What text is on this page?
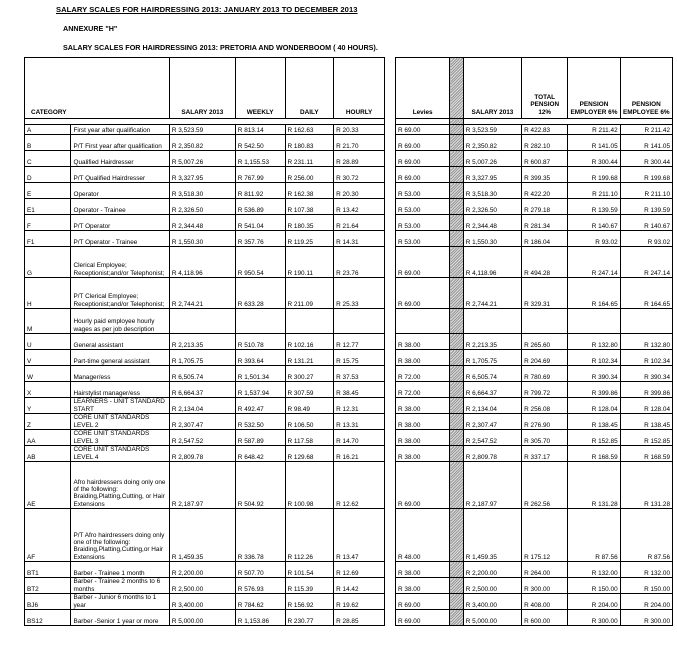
SALARY SCALES FOR HAIRDRESSING 2013: JANUARY 2013 TO DECEMBER 2013
ANNEXURE "H"
SALARY SCALES FOR HAIRDRESSING 2013: PRETORIA AND WONDERBOOM ( 40 HOURS).
CATEGORY		SALARY 2013	WEEKLY	DAILY	HOURLY

A	First year after qualification	R 3,523.59	R 813.14	R 162.63	R 20.33
B	P/T First year after qualification	R 2,350.82	R 542.50	R 180.83	R 21.70
C	Qualified Hairdresser	R 5,007.26	R 1,155.53	R 231.11	R 28.89
D	P/T Qualified Hairdresser	R 3,327.95	R 767.99	R 256.00	R 30.72
E	Operator	R 3,518.30	R 811.92	R 162.38	R 20.30
E1	Operator - Trainee	R 2,326.50	R 536.89	R 107.38	R 13.42
F	P/T Operator	R 2,344.48	R 541.04	R 180.35	R 21.64
F1	P/T Operator - Trainee	R 1,550.30	R 357.76	R 119.25	R 14.31
G	Clerical Employee; Receptionist;and/or Telephonist;	R 4,118.96	R 950.54	R 190.11	R 23.76
H	P/T Clerical Employee; Receptionist;and/or Telephonist;	R 2,744.21	R 633.28	R 211.09	R 25.33
M	Hourly paid employee hourly wages as per job description				
U	General assistant	R 2,213.35	R 510.78	R 102.16	R 12.77
V	Part-time general assistant	R 1,705.75	R 393.64	R 131.21	R 15.75
W	Manager/ess	R 6,505.74	R 1,501.34	R 300.27	R 37.53
X	Hairstylist manager/ess	R 6,664.37	R 1,537.94	R 307.59	R 38.45
Y	LEARNERS - UNIT STANDARD START	R 2,134.04	R 492.47	R 98.49	R 12.31
Z	CORE UNIT STANDARDS LEVEL 2	R 2,307.47	R 532.50	R 106.50	R 13.31
AA	CORE UNIT STANDARDS LEVEL 3	R 2,547.52	R 587.89	R 117.58	R 14.70
AB	CORE UNIT STANDARDS LEVEL 4	R 2,809.78	R 648.42	R 129.68	R 16.21
AE	Afro hairdressers doing only one of the following: Braiding,Platting,Cutting, or Hair Extensions	R 2,187.97	R 504.92	R 100.98	R 12.62
AF	P/T Afro hairdressers doing only one of the following: Braiding,Platting,Cutting,or Hair Extensions	R 1,459.35	R 336.78	R 112.26	R 13.47
BT1	Barber - Trainee 1 month	R 2,200.00	R 507.70	R 101.54	R 12.69
BT2	Barber - Trainee 2 months to 6 months	R 2,500.00	R 576.93	R 115.39	R 14.42
BJ6	Barber - Junior 6 months to 1 year	R 3,400.00	R 784.62	R 156.92	R 19.62
BS12	Barber -Senior 1 year or more	R 5,000.00	R 1,153.86	R 230.77	R 28.85
Levies		SALARY 2013	TOTAL PENSION 12%	PENSION EMPLOYER 6%	PENSION EMPLOYEE 6%

R 69.00		R 3,523.59	R 422.83	R 211.42	R 211.42
R 69.00		R 2,350.82	R 282.10	R 141.05	R 141.05
R 69.00		R 5,007.26	R 600.87	R 300.44	R 300.44
R 69.00		R 3,327.95	R 399.35	R 199.68	R 199.68
R 53.00		R 3,518.30	R 422.20	R 211.10	R 211.10
R 53.00		R 2,326.50	R 279.18	R 139.59	R 139.59
R 53.00		R 2,344.48	R 281.34	R 140.67	R 140.67
R 53.00		R 1,550.30	R 186.04	R 93.02	R 93.02
R 69.00		R 4,118.96	R 494.28	R 247.14	R 247.14
R 69.00		R 2,744.21	R 329.31	R 164.65	R 164.65

R 38.00		R 2,213.35	R 265.60	R 132.80	R 132.80
R 38.00		R 1,705.75	R 204.69	R 102.34	R 102.34
R 72.00		R 6,505.74	R 780.69	R 390.34	R 390.34
R 72.00		R 6,664.37	R 799.72	R 399.86	R 399.86
R 38.00		R 2,134.04	R 256.08	R 128.04	R 128.04
R 38.00		R 2,307.47	R 276.90	R 138.45	R 138.45
R 38.00		R 2,547.52	R 305.70	R 152.85	R 152.85
R 38.00		R 2,809.78	R 337.17	R 168.59	R 168.59
R 69.00		R 2,187.97	R 262.56	R 131.28	R 131.28
R 48.00		R 1,459.35	R 175.12	R 87.56	R 87.56
R 38.00		R 2,200.00	R 264.00	R 132.00	R 132.00
R 38.00		R 2,500.00	R 300.00	R 150.00	R 150.00
R 69.00		R 3,400.00	R 408.00	R 204.00	R 204.00
R 69.00		R 5,000.00	R 600.00	R 300.00	R 300.00
